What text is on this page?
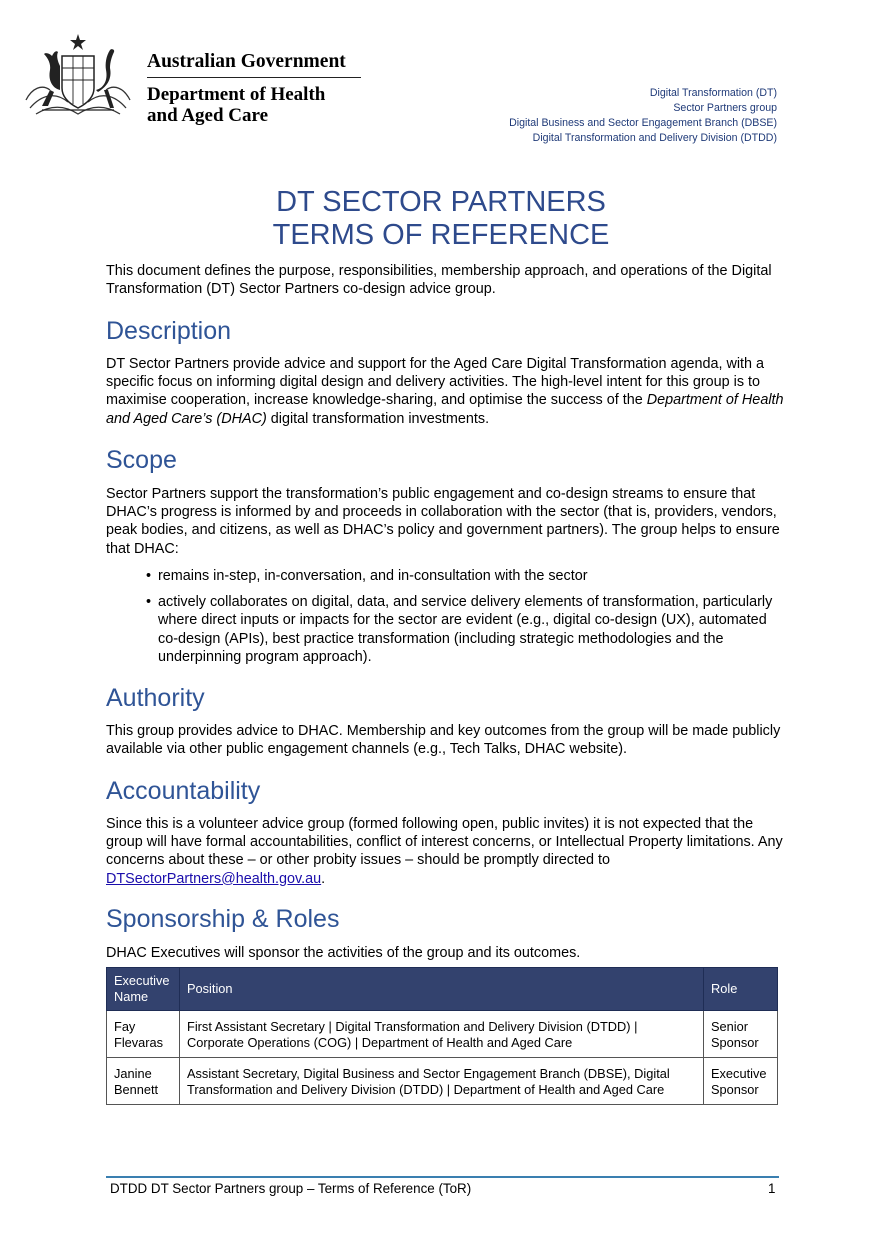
Australian Government
Department of Health
and Aged Care
Digital Transformation (DT)
Sector Partners group
Digital Business and Sector Engagement Branch (DBSE)
Digital Transformation and Delivery Division (DTDD)
DT SECTOR PARTNERS
TERMS OF REFERENCE
This document defines the purpose, responsibilities, membership approach, and operations of the Digital Transformation (DT) Sector Partners co-design advice group.
Description
DT Sector Partners provide advice and support for the Aged Care Digital Transformation agenda, with a specific focus on informing digital design and delivery activities. The high-level intent for this group is to maximise cooperation, increase knowledge-sharing, and optimise the success of the Department of Health and Aged Care’s (DHAC) digital transformation investments.
Scope
Sector Partners support the transformation’s public engagement and co-design streams to ensure that DHAC’s progress is informed by and proceeds in collaboration with the sector (that is, providers, vendors, peak bodies, and citizens, as well as DHAC’s policy and government partners). The group helps to ensure that DHAC:
• remains in-step, in-conversation, and in-consultation with the sector
• actively collaborates on digital, data, and service delivery elements of transformation, particularly where direct inputs or impacts for the sector are evident (e.g., digital co-design (UX), automated co-design (APIs), best practice transformation (including strategic methodologies and the underpinning program approach).
Authority
This group provides advice to DHAC. Membership and key outcomes from the group will be made publicly available via other public engagement channels (e.g., Tech Talks, DHAC website).
Accountability
Since this is a volunteer advice group (formed following open, public invites) it is not expected that the group will have formal accountabilities, conflict of interest concerns, or Intellectual Property limitations. Any concerns about these – or other probity issues – should be promptly directed to DTSectorPartners@health.gov.au.
Sponsorship & Roles
DHAC Executives will sponsor the activities of the group and its outcomes.
Executive Name	Position	Role
Fay Flevaras	First Assistant Secretary | Digital Transformation and Delivery Division (DTDD) | Corporate Operations (COG) | Department of Health and Aged Care	Senior Sponsor
Janine Bennett	Assistant Secretary, Digital Business and Sector Engagement Branch (DBSE), Digital Transformation and Delivery Division (DTDD) | Department of Health and Aged Care	Executive Sponsor
DTDD DT Sector Partners group – Terms of Reference (ToR)	1
